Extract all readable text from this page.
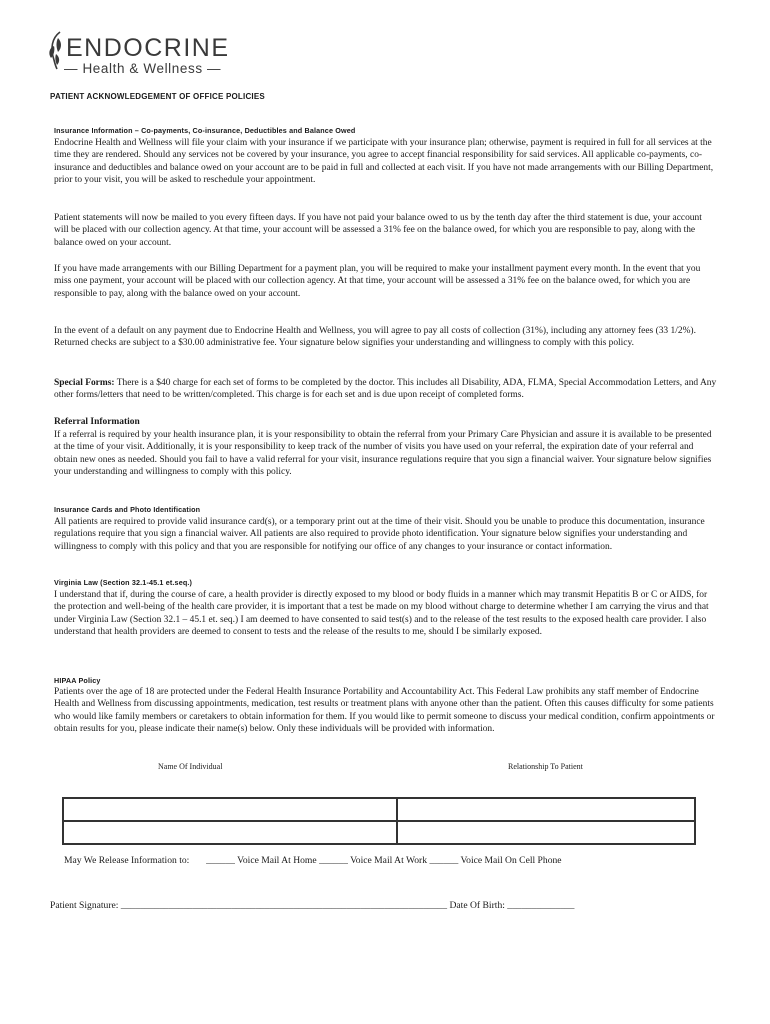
ENDOCRINE
— Health & Wellness —
PATIENT ACKNOWLEDGEMENT OF OFFICE POLICIES
Insurance Information – Co-payments, Co-insurance, Deductibles and Balance Owed

Endocrine Health and Wellness will file your claim with your insurance if we participate with your insurance plan; otherwise, payment is required in full for all services at the time they are rendered. Should any services not be covered by your insurance, you agree to accept financial responsibility for said services. All applicable co-payments, co-insurance and deductibles and balance owed on your account are to be paid in full and collected at each visit. If you have not made arrangements with our Billing Department, prior to your visit, you will be asked to reschedule your appointment.

Patient statements will now be mailed to you every fifteen days. If you have not paid your balance owed to us by the tenth day after the third statement is due, your account will be placed with our collection agency. At that time, your account will be assessed a 31% fee on the balance owed, for which you are responsible to pay, along with the balance owed on your account.

If you have made arrangements with our Billing Department for a payment plan, you will be required to make your installment payment every month. In the event that you miss one payment, your account will be placed with our collection agency. At that time, your account will be assessed a 31% fee on the balance owed, for which you are responsible to pay, along with the balance owed on your account.

In the event of a default on any payment due to Endocrine Health and Wellness, you will agree to pay all costs of collection (31%), including any attorney fees (33 1/2%). Returned checks are subject to a $30.00 administrative fee. Your signature below signifies your understanding and willingness to comply with this policy.

Special Forms: There is a $40 charge for each set of forms to be completed by the doctor. This includes all Disability, ADA, FLMA, Special Accommodation Letters, and Any other forms/letters that need to be written/completed. This charge is for each set and is due upon receipt of completed forms.

Referral Information

If a referral is required by your health insurance plan, it is your responsibility to obtain the referral from your Primary Care Physician and assure it is available to be presented at the time of your visit. Additionally, it is your responsibility to keep track of the number of visits you have used on your referral, the expiration date of your referral and obtain new ones as needed. Should you fail to have a valid referral for your visit, insurance regulations require that you sign a financial waiver. Your signature below signifies your understanding and willingness to comply with this policy.

Insurance Cards and Photo Identification

All patients are required to provide valid insurance card(s), or a temporary print out at the time of their visit. Should you be unable to produce this documentation, insurance regulations require that you sign a financial waiver. All patients are also required to provide photo identification. Your signature below signifies your understanding and willingness to comply with this policy and that you are responsible for notifying our office of any changes to your insurance or contact information.

Virginia Law (Section 32.1-45.1 et.seq.)

I understand that if, during the course of care, a health provider is directly exposed to my blood or body fluids in a manner which may transmit Hepatitis B or C or AIDS, for the protection and well-being of the health care provider, it is important that a test be made on my blood without charge to determine whether I am carrying the virus and that under Virginia Law (Section 32.1 – 45.1 et. seq.) I am deemed to have consented to said test(s) and to the release of the test results to the exposed health care provider. I also understand that health providers are deemed to consent to tests and the release of the results to me, should I be similarly exposed.

HIPAA Policy

Patients over the age of 18 are protected under the Federal Health Insurance Portability and Accountability Act. This Federal Law prohibits any staff member of Endocrine Health and Wellness from discussing appointments, medication, test results or treatment plans with anyone other than the patient. Often this causes difficulty for some patients who would like family members or caretakers to obtain information for them. If you would like to permit someone to discuss your medical condition, confirm appointments or obtain results for you, please indicate their name(s) below. Only these individuals will be provided with information.

Name Of Individual	Relationship To Patient
May We Release Information to: ______ Voice Mail At Home ______ Voice Mail At Work ______ Voice Mail On Cell Phone
Patient Signature: ____________________________________________________________________ Date Of Birth: ______________
